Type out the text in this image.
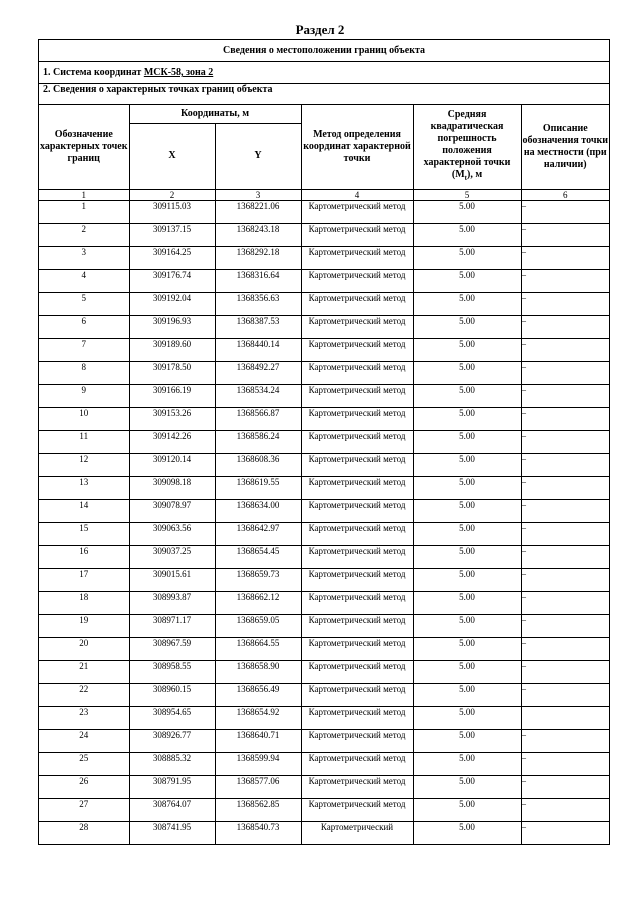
Раздел 2
Сведения о местоположении границ объекта
1. Система координат МСК-58, зона 2
2. Сведения о характерных точках границ объекта

Обозначение характерных точек границ	Координаты, м	Метод определения координат характерной точки	Средняя квадратическая погрешность положения характерной точки $(M_t)$, м	Описание обозначения точки на местности (при наличии)
X	Y
1	2	3	4	5	6
1	309115.03	1368221.06	Картометрический метод	5.00	–
2	309137.15	1368243.18	Картометрический метод	5.00	–
3	309164.25	1368292.18	Картометрический метод	5.00	–
4	309176.74	1368316.64	Картометрический метод	5.00	–
5	309192.04	1368356.63	Картометрический метод	5.00	–
6	309196.93	1368387.53	Картометрический метод	5.00	–
7	309189.60	1368440.14	Картометрический метод	5.00	–
8	309178.50	1368492.27	Картометрический метод	5.00	–
9	309166.19	1368534.24	Картометрический метод	5.00	–
10	309153.26	1368566.87	Картометрический метод	5.00	–
11	309142.26	1368586.24	Картометрический метод	5.00	–
12	309120.14	1368608.36	Картометрический метод	5.00	–
13	309098.18	1368619.55	Картометрический метод	5.00	–
14	309078.97	1368634.00	Картометрический метод	5.00	–
15	309063.56	1368642.97	Картометрический метод	5.00	–
16	309037.25	1368654.45	Картометрический метод	5.00	–
17	309015.61	1368659.73	Картометрический метод	5.00	–
18	308993.87	1368662.12	Картометрический метод	5.00	–
19	308971.17	1368659.05	Картометрический метод	5.00	–
20	308967.59	1368664.55	Картометрический метод	5.00	–
21	308958.55	1368658.90	Картометрический метод	5.00	–
22	308960.15	1368656.49	Картометрический метод	5.00	–
23	308954.65	1368654.92	Картометрический метод	5.00	
24	308926.77	1368640.71	Картометрический метод	5.00	–
25	308885.32	1368599.94	Картометрический метод	5.00	–
26	308791.95	1368577.06	Картометрический метод	5.00	–
27	308764.07	1368562.85	Картометрический метод	5.00	–
28	308741.95	1368540.73	Картометрический	5.00	–
